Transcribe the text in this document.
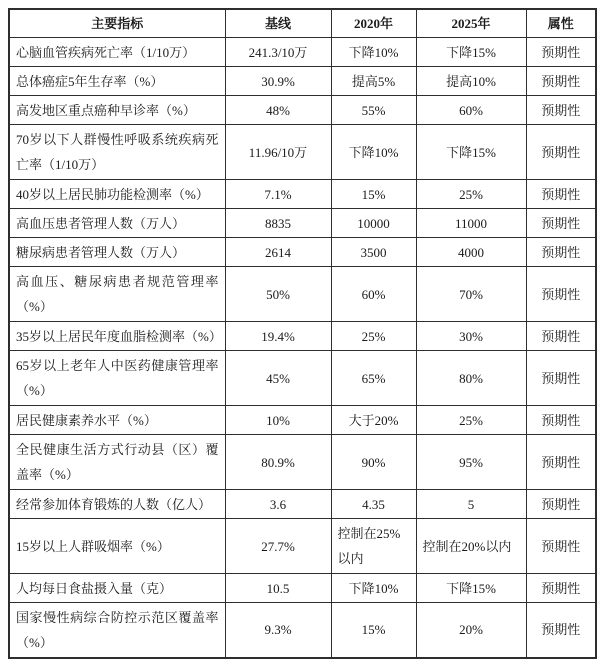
主要指标	基线	2020年	2025年	属性
心脑血管疾病死亡率（1/10万）	241.3/10万	下降10%	下降15%	预期性
总体癌症5年生存率（%）	30.9%	提高5%	提高10%	预期性
高发地区重点癌种早诊率（%）	48%	55%	60%	预期性
70岁以下人群慢性呼吸系统疾病死亡率（1/10万）	11.96/10万	下降10%	下降15%	预期性
40岁以上居民肺功能检测率（%）	7.1%	15%	25%	预期性
高血压患者管理人数（万人）	8835	10000	11000	预期性
糖尿病患者管理人数（万人）	2614	3500	4000	预期性
高血压、糖尿病患者规范管理率（%）	50%	60%	70%	预期性
35岁以上居民年度血脂检测率（%）	19.4%	25%	30%	预期性
65岁以上老年人中医药健康管理率（%）	45%	65%	80%	预期性
居民健康素养水平（%）	10%	大于20%	25%	预期性
全民健康生活方式行动县（区）覆盖率（%）	80.9%	90%	95%	预期性
经常参加体育锻炼的人数（亿人）	3.6	4.35	5	预期性
15岁以上人群吸烟率（%）	27.7%	控制在25%以内	控制在20%以内	预期性
人均每日食盐摄入量（克）	10.5	下降10%	下降15%	预期性
国家慢性病综合防控示范区覆盖率（%）	9.3%	15%	20%	预期性
